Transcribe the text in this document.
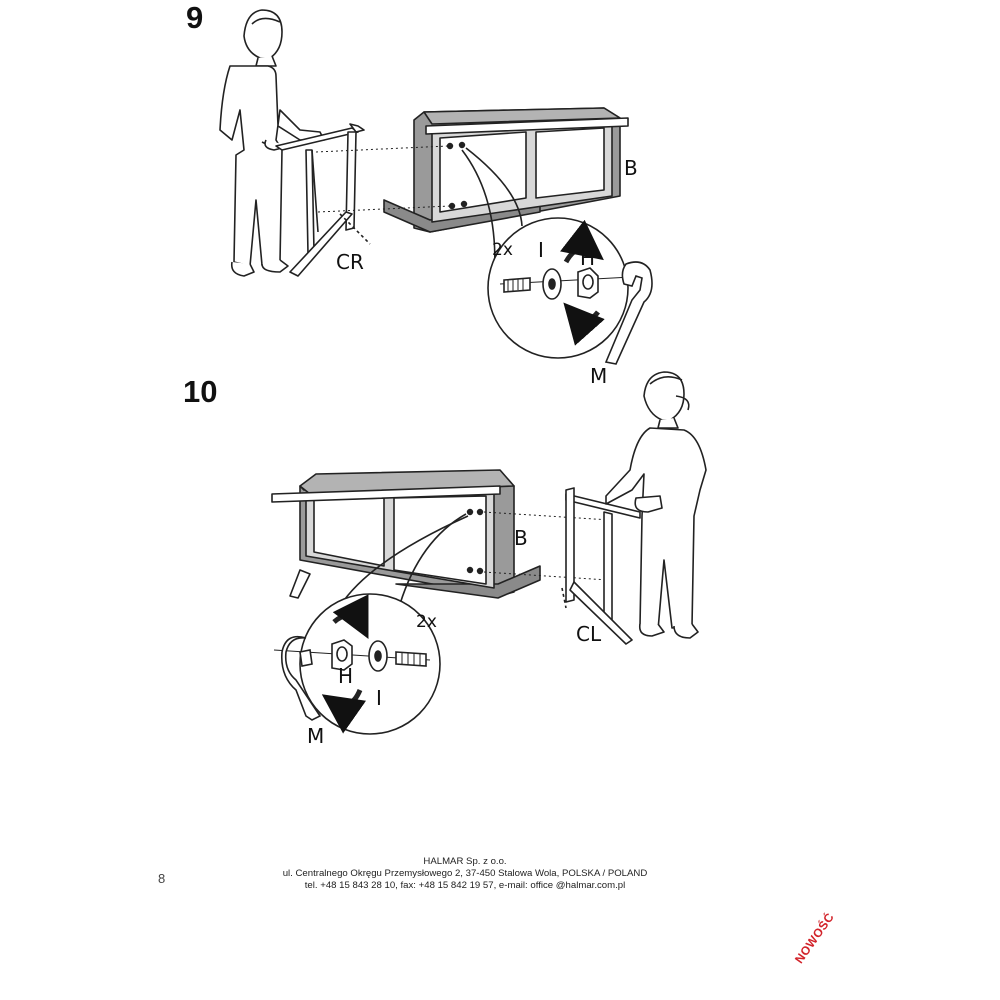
9
10
CR
B
2x I H
M
B
CL
2x
H
I
M
8
HALMAR Sp. z o.o.
ul. Centralnego Okręgu Przemysłowego 2, 37-450 Stalowa Wola, POLSKA / POLAND
tel. +48 15 843 28 10, fax: +48 15 842 19 57, e-mail: office @halmar.com.pl
NOWOŚĆ
